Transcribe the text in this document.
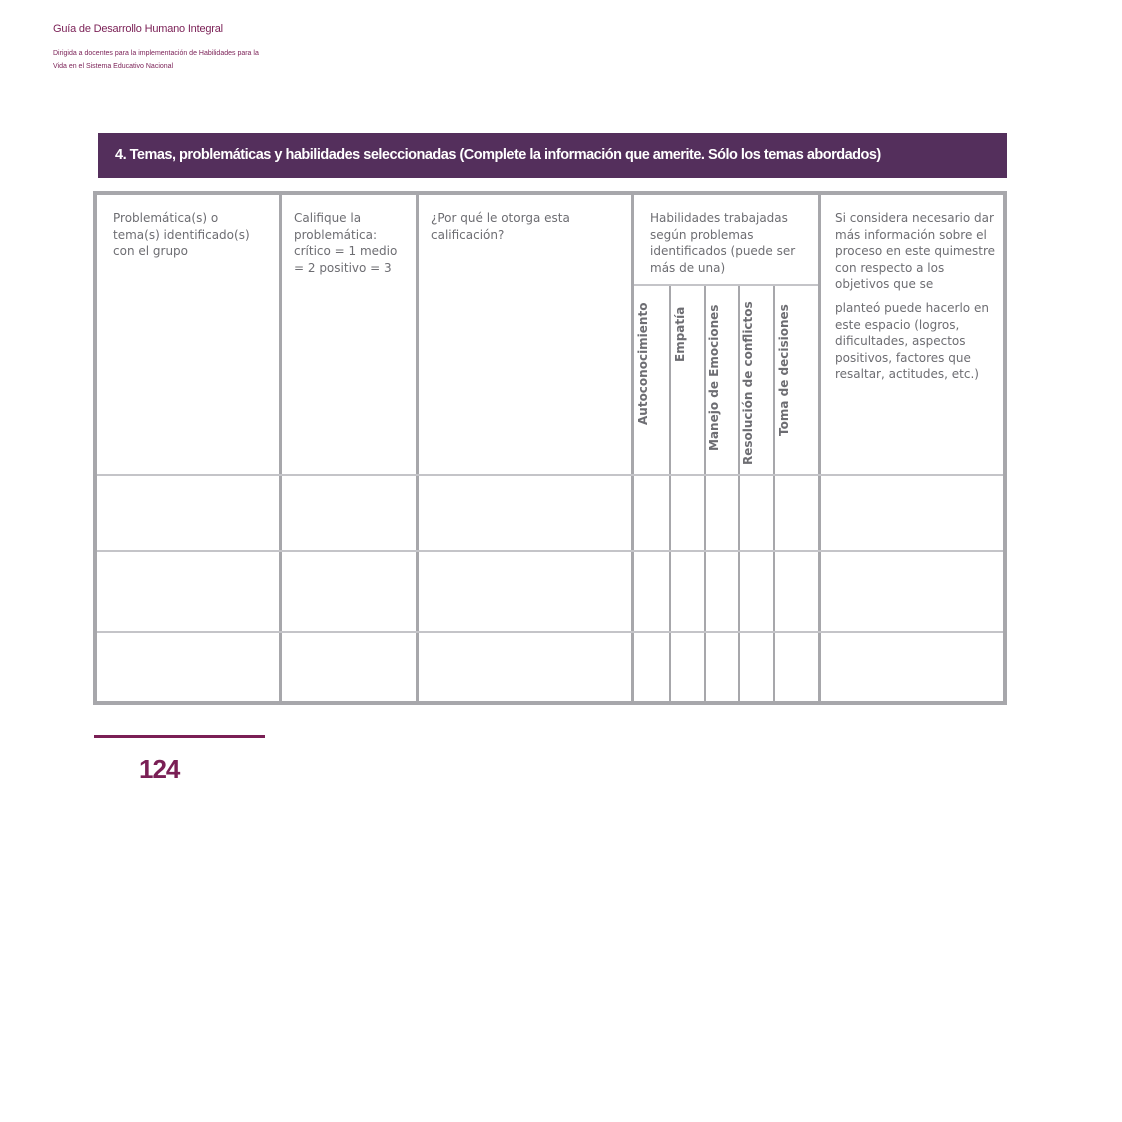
Guía de Desarrollo Humano Integral
Dirigida a docentes para la implementación de Habilidades para la
Vida en el Sistema Educativo Nacional
4. Temas, problemáticas y habilidades seleccionadas (Complete la información que amerite. Sólo los temas abordados)
Problemática(s) o tema(s) identificado(s) con el grupo
Califique la problemática: crítico = 1 medio = 2 positivo = 3
¿Por qué le otorga esta calificación?
Habilidades trabajadas según problemas identificados (puede ser más de una)
Si considera necesario dar más información sobre el proceso en este quimestre con respecto a los objetivos que se
planteó puede hacerlo en este espacio (logros, dificultades, aspectos positivos, factores que resaltar, actitudes, etc.)
Autoconocimiento Empatía Manejo de Emociones Resolución de conflictos Toma de decisiones
124
